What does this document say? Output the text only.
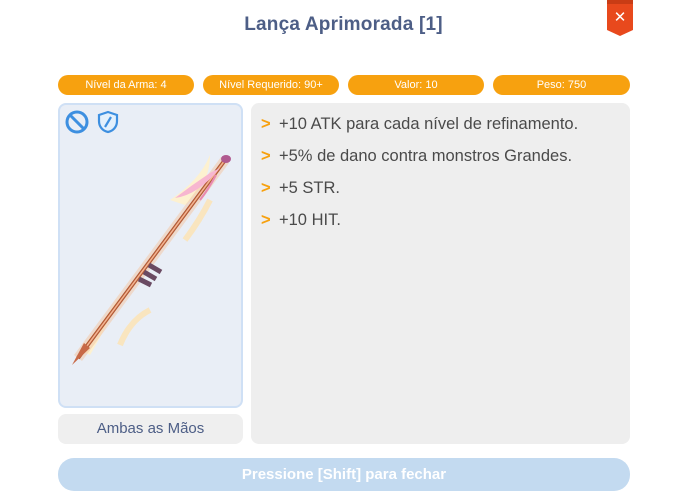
Lança Aprimorada [1]	✕
Nível da Arma: 4	Nível Requerido: 90+	Valor: 10	Peso: 750
Ambas as Mãos
> +10 ATK para cada nível de refinamento.
> +5% de dano contra monstros Grandes.
> +5 STR.
> +10 HIT.
Pressione [Shift] para fechar
